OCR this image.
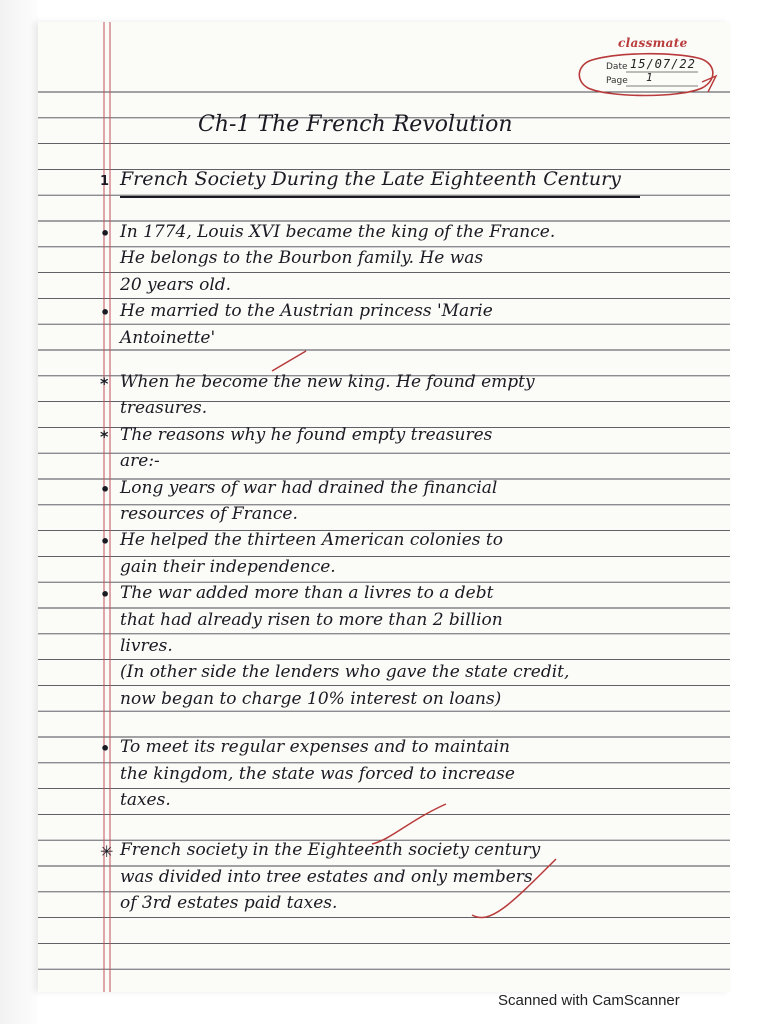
classmate
Date
Page
15/07/22
1
Ch-1 The French Revolution
1 French Society During the Late Eighteenth Century
• In 1774, Louis XVI became the king of the France.
He belongs to the Bourbon family. He was
20 years old.
• He married to the Austrian princess 'Marie
Antoinette'
* When he become the new king. He found empty
treasures.
* The reasons why he found empty treasures
are:-
• Long years of war had drained the financial
resources of France.
• He helped the thirteen American colonies to
gain their independence.
• The war added more than a livres to a debt
that had already risen to more than 2 billion
livres.
(In other side the lenders who gave the state credit,
now began to charge 10% interest on loans)
• To meet its regular expenses and to maintain
the kingdom, the state was forced to increase
taxes.
✳ French society in the Eighteenth society century
was divided into tree estates and only members
of 3rd estates paid taxes.
Scanned with CamScanner
